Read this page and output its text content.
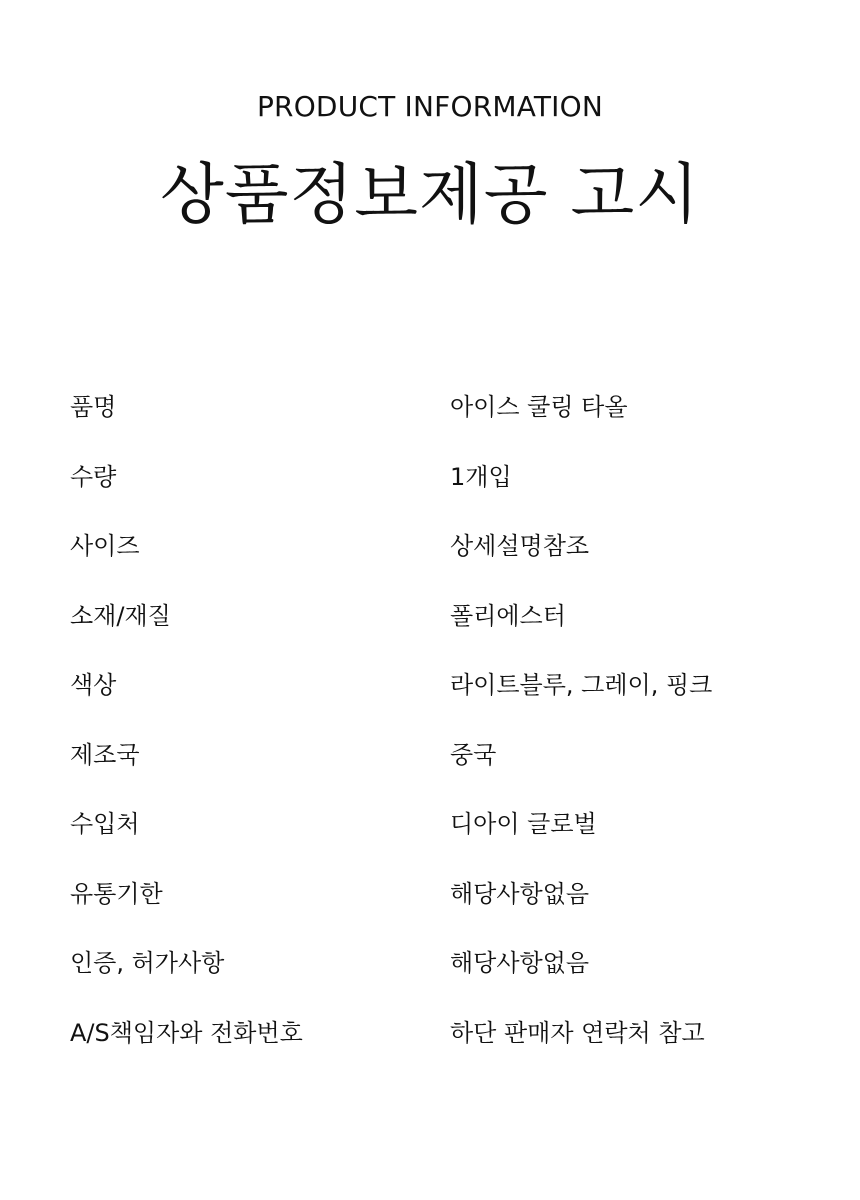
PRODUCT INFORMATION
상품정보제공 고시
품명	아이스 쿨링 타올
수량	1개입
사이즈	상세설명참조
소재/재질	폴리에스터
색상	라이트블루, 그레이, 핑크
제조국	중국
수입처	디아이 글로벌
유통기한	해당사항없음
인증, 허가사항	해당사항없음
A/S책임자와 전화번호	하단 판매자 연락처 참고
